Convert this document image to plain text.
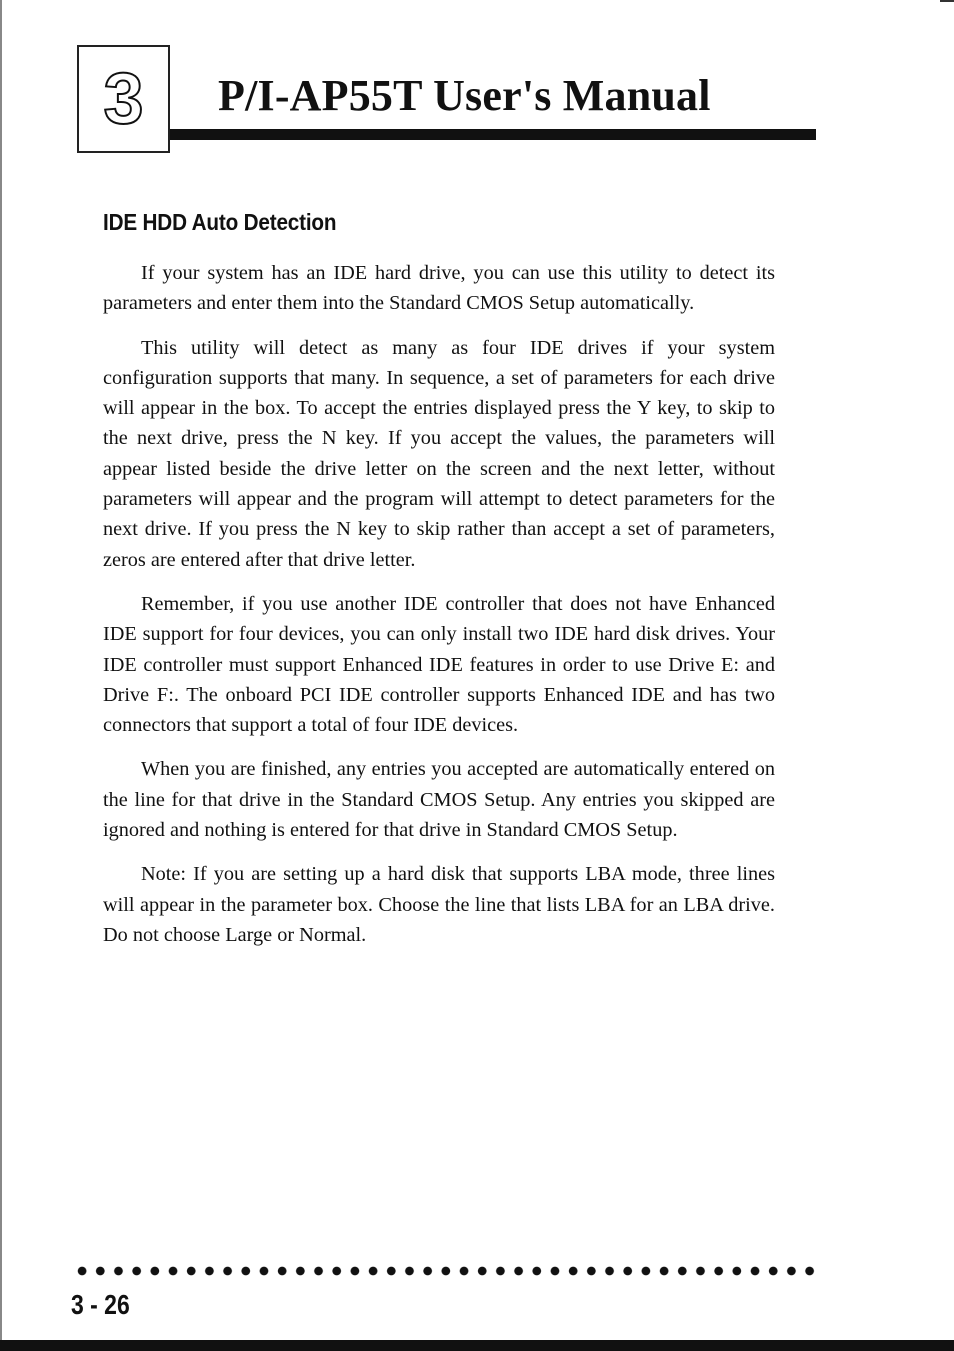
3 P/I-AP55T User's Manual
IDE HDD Auto Detection

If your system has an IDE hard drive, you can use this utility to detect its parameters and enter them into the Standard CMOS Setup automatically.

This utility will detect as many as four IDE drives if your system configuration supports that many. In sequence, a set of parameters for each drive will appear in the box. To accept the entries displayed press the Y key, to skip to the next drive, press the N key. If you accept the values, the parameters will appear listed beside the drive letter on the screen and the next letter, without parameters will appear and the program will attempt to detect parameters for the next drive. If you press the N key to skip rather than accept a set of parameters, zeros are entered after that drive letter.

Remember, if you use another IDE controller that does not have Enhanced IDE support for four devices, you can only install two IDE hard disk drives. Your IDE controller must support Enhanced IDE features in order to use Drive E: and Drive F:. The onboard PCI IDE controller supports Enhanced IDE and has two connectors that support a total of four IDE devices.

When you are finished, any entries you accepted are automatically entered on the line for that drive in the Standard CMOS Setup. Any entries you skipped are ignored and nothing is entered for that drive in Standard CMOS Setup.

Note: If you are setting up a hard disk that supports LBA mode, three lines will appear in the parameter box. Choose the line that lists LBA for an LBA drive. Do not choose Large or Normal.

3 - 26
